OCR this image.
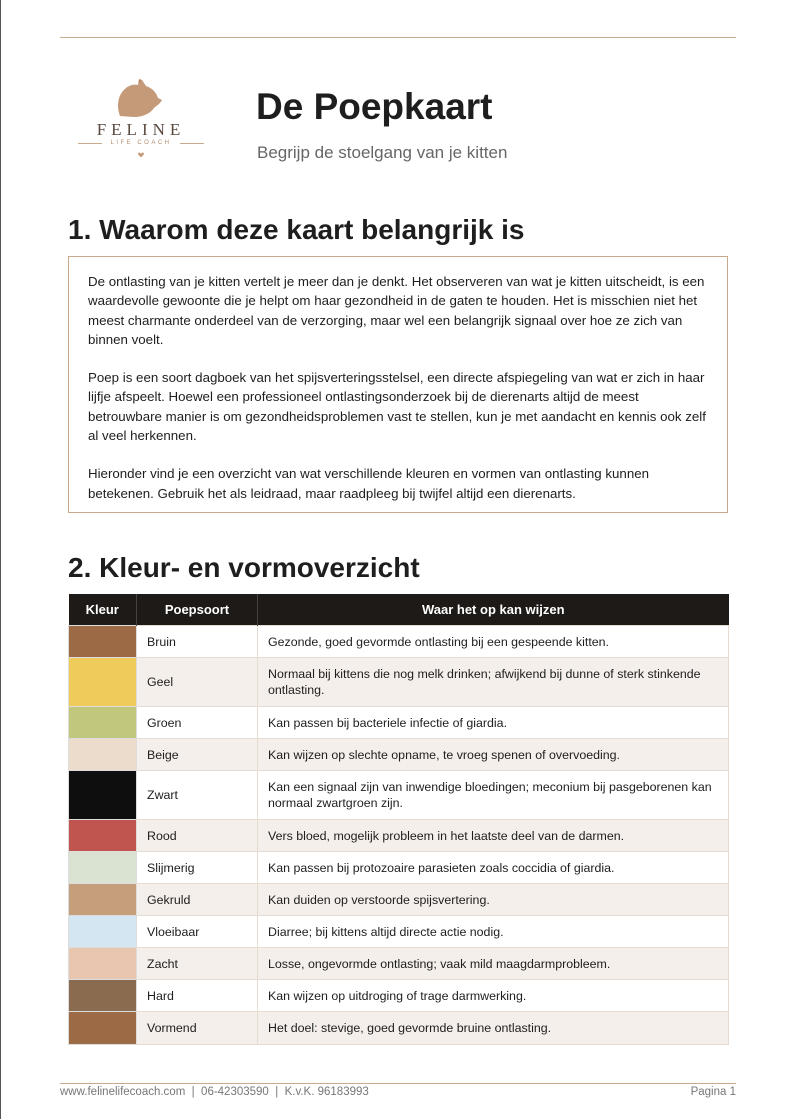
FELINE
LIFE COACH
De Poepkaart
Begrijp de stoelgang van je kitten
1. Waarom deze kaart belangrijk is

De ontlasting van je kitten vertelt je meer dan je denkt. Het observeren van wat je kitten uitscheidt, is een waardevolle gewoonte die je helpt om haar gezondheid in de gaten te houden. Het is misschien niet het meest charmante onderdeel van de verzorging, maar wel een belangrijk signaal over hoe ze zich van binnen voelt.

Poep is een soort dagboek van het spijsverteringsstelsel, een directe afspiegeling van wat er zich in haar lijfje afspeelt. Hoewel een professioneel ontlastingsonderzoek bij de dierenarts altijd de meest betrouwbare manier is om gezondheidsproblemen vast te stellen, kun je met aandacht en kennis ook zelf al veel herkennen.

Hieronder vind je een overzicht van wat verschillende kleuren en vormen van ontlasting kunnen betekenen. Gebruik het als leidraad, maar raadpleeg bij twijfel altijd een dierenarts.

2. Kleur- en vormoverzicht
Kleur	Poepsoort	Waar het op kan wijzen
	Bruin	Gezonde, goed gevormde ontlasting bij een gespeende kitten.
	Geel	Normaal bij kittens die nog melk drinken; afwijkend bij dunne of sterk stinkende ontlasting.
	Groen	Kan passen bij bacteriele infectie of giardia.
	Beige	Kan wijzen op slechte opname, te vroeg spenen of overvoeding.
	Zwart	Kan een signaal zijn van inwendige bloedingen; meconium bij pasgeborenen kan normaal zwartgroen zijn.
	Rood	Vers bloed, mogelijk probleem in het laatste deel van de darmen.
	Slijmerig	Kan passen bij protozoaire parasieten zoals coccidia of giardia.
	Gekruld	Kan duiden op verstoorde spijsvertering.
	Vloeibaar	Diarree; bij kittens altijd directe actie nodig.
	Zacht	Losse, ongevormde ontlasting; vaak mild maagdarmprobleem.
	Hard	Kan wijzen op uitdroging of trage darmwerking.
	Vormend	Het doel: stevige, goed gevormde bruine ontlasting.
www.felinelifecoach.com  |  06-42303590  |  K.v.K. 96183993	Pagina 1
